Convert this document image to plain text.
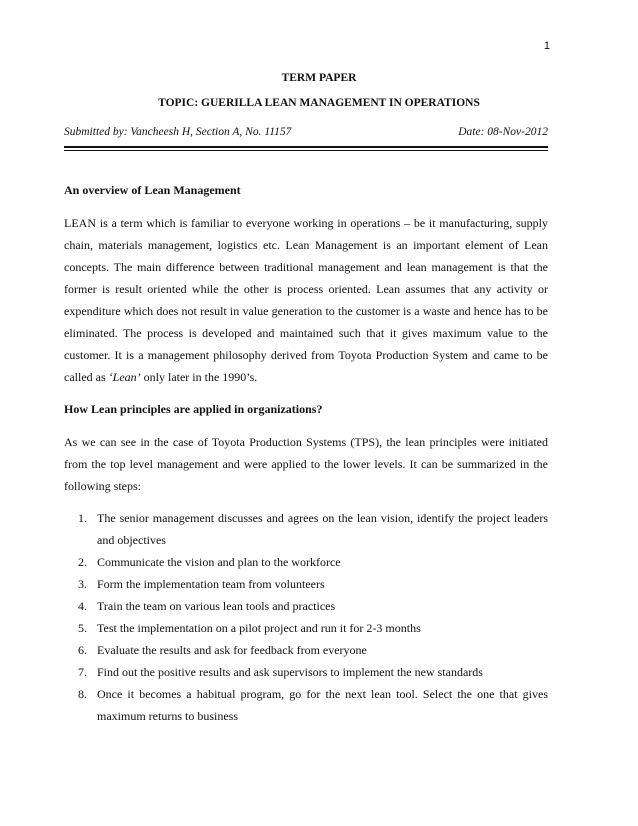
1
TERM PAPER
TOPIC: GUERILLA LEAN MANAGEMENT IN OPERATIONS
Submitted by: Vancheesh H, Section A, No. 11157	Date: 08-Nov-2012
An overview of Lean Management

LEAN is a term which is familiar to everyone working in operations – be it manufacturing, supply chain, materials management, logistics etc. Lean Management is an important element of Lean concepts. The main difference between traditional management and lean management is that the former is result oriented while the other is process oriented. Lean assumes that any activity or expenditure which does not result in value generation to the customer is a waste and hence has to be eliminated. The process is developed and maintained such that it gives maximum value to the customer. It is a management philosophy derived from Toyota Production System and came to be called as ‘Lean’ only later in the 1990’s.

How Lean principles are applied in organizations?

As we can see in the case of Toyota Production Systems (TPS), the lean principles were initiated from the top level management and were applied to the lower levels. It can be summarized in the following steps:

1. The senior management discusses and agrees on the lean vision, identify the project leaders and objectives
2. Communicate the vision and plan to the workforce
3. Form the implementation team from volunteers
4. Train the team on various lean tools and practices
5. Test the implementation on a pilot project and run it for 2-3 months
6. Evaluate the results and ask for feedback from everyone
7. Find out the positive results and ask supervisors to implement the new standards
8. Once it becomes a habitual program, go for the next lean tool. Select the one that gives maximum returns to business
